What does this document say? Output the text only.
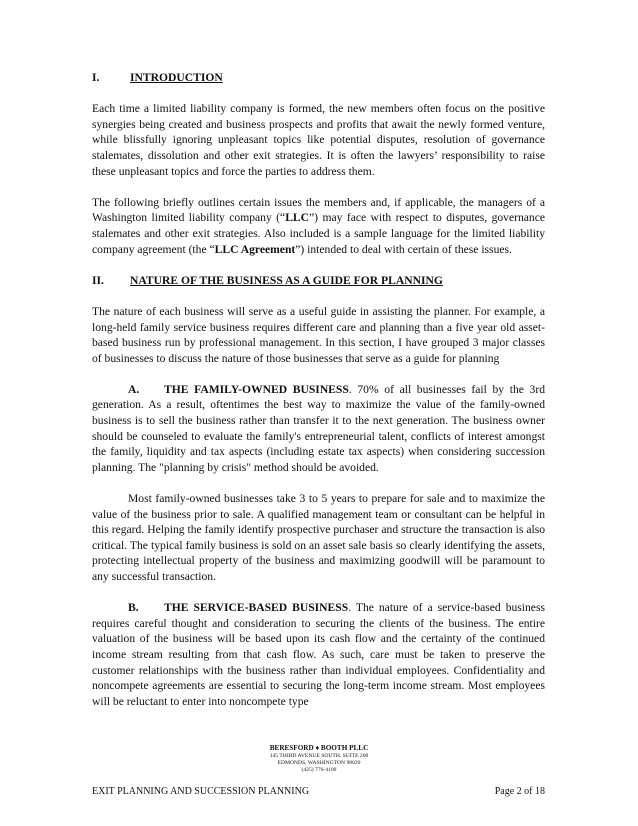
I.	INTRODUCTION

Each time a limited liability company is formed, the new members often focus on the positive synergies being created and business prospects and profits that await the newly formed venture, while blissfully ignoring unpleasant topics like potential disputes, resolution of governance stalemates, dissolution and other exit strategies. It is often the lawyers’ responsibility to raise these unpleasant topics and force the parties to address them.

The following briefly outlines certain issues the members and, if applicable, the managers of a Washington limited liability company (“LLC”) may face with respect to disputes, governance stalemates and other exit strategies. Also included is a sample language for the limited liability company agreement (the “LLC Agreement”) intended to deal with certain of these issues.

II.	NATURE OF THE BUSINESS AS A GUIDE FOR PLANNING

The nature of each business will serve as a useful guide in assisting the planner. For example, a long-held family service business requires different care and planning than a five year old asset-based business run by professional management. In this section, I have grouped 3 major classes of businesses to discuss the nature of those businesses that serve as a guide for planning

A. THE FAMILY-OWNED BUSINESS. 70% of all businesses fail by the 3rd generation. As a result, oftentimes the best way to maximize the value of the family-owned business is to sell the business rather than transfer it to the next generation. The business owner should be counseled to evaluate the family's entrepreneurial talent, conflicts of interest amongst the family, liquidity and tax aspects (including estate tax aspects) when considering succession planning. The "planning by crisis" method should be avoided.

Most family-owned businesses take 3 to 5 years to prepare for sale and to maximize the value of the business prior to sale. A qualified management team or consultant can be helpful in this regard. Helping the family identify prospective purchaser and structure the transaction is also critical. The typical family business is sold on an asset sale basis so clearly identifying the assets, protecting intellectual property of the business and maximizing goodwill will be paramount to any successful transaction.

B. THE SERVICE-BASED BUSINESS. The nature of a service-based business requires careful thought and consideration to securing the clients of the business. The entire valuation of the business will be based upon its cash flow and the certainty of the continued income stream resulting from that cash flow. As such, care must be taken to preserve the customer relationships with the business rather than individual employees. Confidentiality and noncompete agreements are essential to securing the long-term income stream. Most employees will be reluctant to enter into noncompete type

BERESFORD ♦ BOOTH PLLC
145 THIRD AVENUE SOUTH, SUITE 200
EDMONDS, WASHINGTON 98020
(425) 776-4100
EXIT PLANNING AND SUCCESSION PLANNING	Page 2 of 18
